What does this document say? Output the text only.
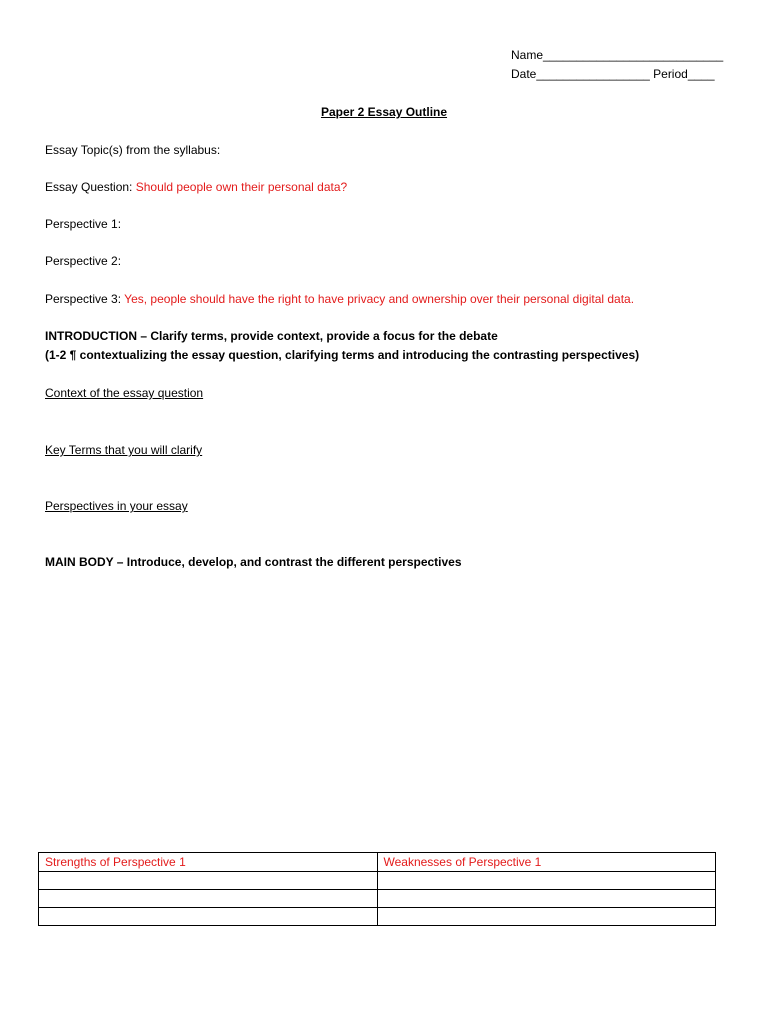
Name___________________________
Date_________________ Period____
Paper 2 Essay Outline
Essay Topic(s) from the syllabus:
Essay Question: Should people own their personal data?
Perspective 1:
Perspective 2:
Perspective 3: Yes, people should have the right to have privacy and ownership over their personal digital data.
INTRODUCTION – Clarify terms, provide context, provide a focus for the debate
(1-2 ¶ contextualizing the essay question, clarifying terms and introducing the contrasting perspectives)
Context of the essay question
Key Terms that you will clarify
Perspectives in your essay
MAIN BODY – Introduce, develop, and contrast the different perspectives
Strengths of Perspective 1	Weaknesses of Perspective 1
